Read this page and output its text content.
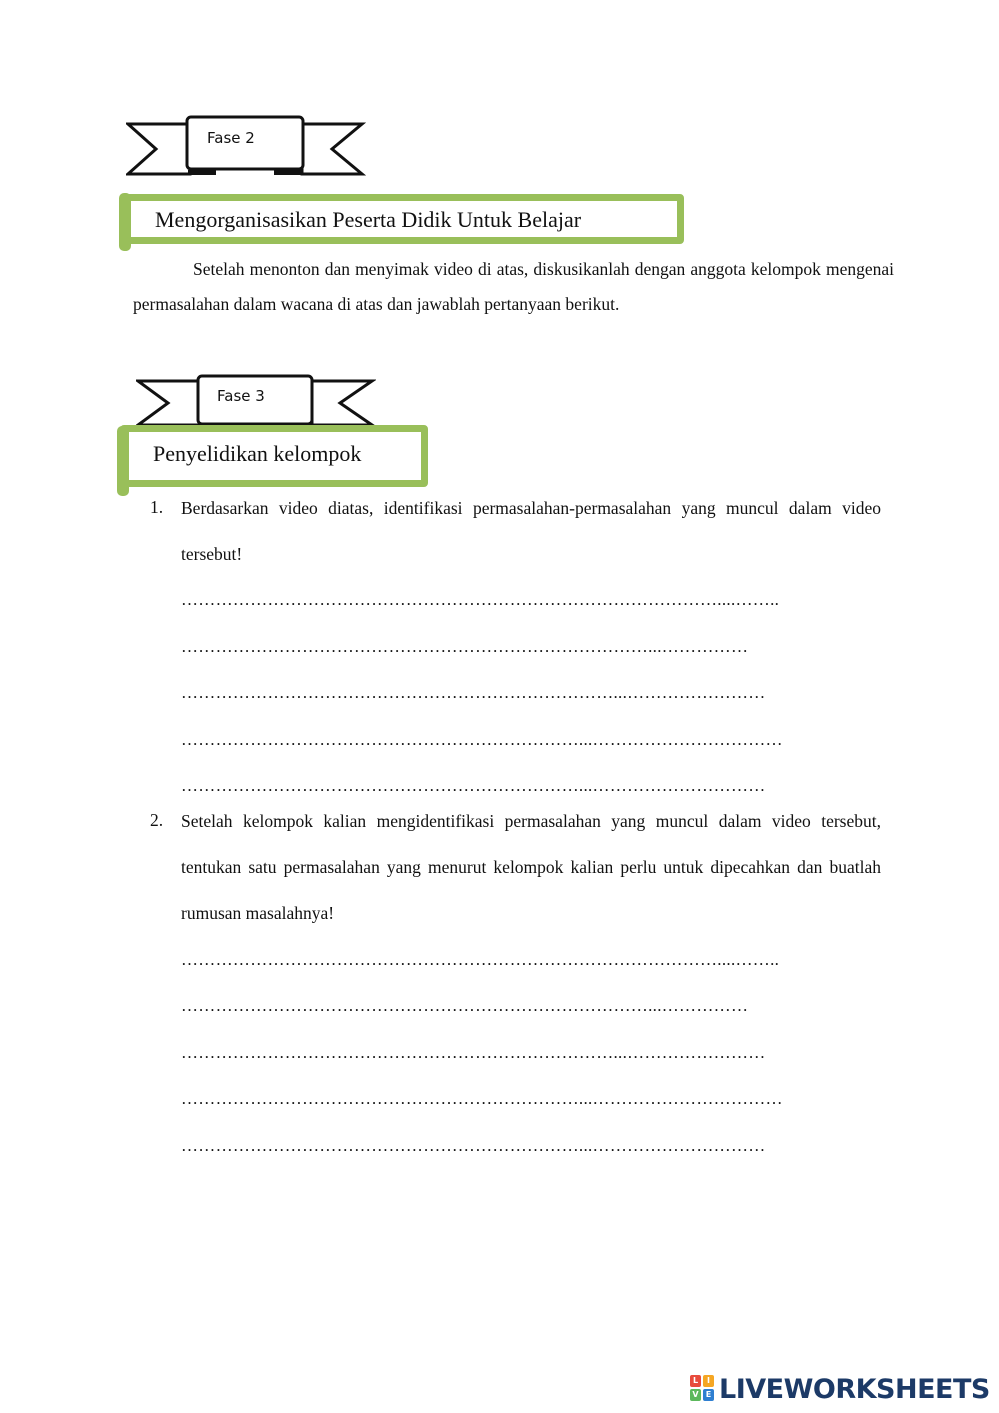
Fase 2
Mengorganisasikan Peserta Didik Untuk Belajar
Setelah menonton dan menyimak video di atas, diskusikanlah dengan anggota kelompok mengenai permasalahan dalam wacana di atas dan jawablah pertanyaan berikut.
Fase 3
Penyelidikan kelompok
1. Berdasarkan video diatas, identifikasi permasalahan-permasalahan yang muncul dalam video tersebut!
…………………………………………………………………………………....……..
………………………………………………………………………...……………
…………………………………………………………………...……………………
……………………………………………………………...……………………………
……………………………………………………………...…………………………
2. Setelah kelompok kalian mengidentifikasi permasalahan yang muncul dalam video tersebut, tentukan satu permasalahan yang menurut kelompok kalian perlu untuk dipecahkan dan buatlah rumusan masalahnya!
…………………………………………………………………………………....……..
………………………………………………………………………...……………
…………………………………………………………………...……………………
……………………………………………………………...……………………………
……………………………………………………………...…………………………
L	I
V E LIVEWORKSHEETS
